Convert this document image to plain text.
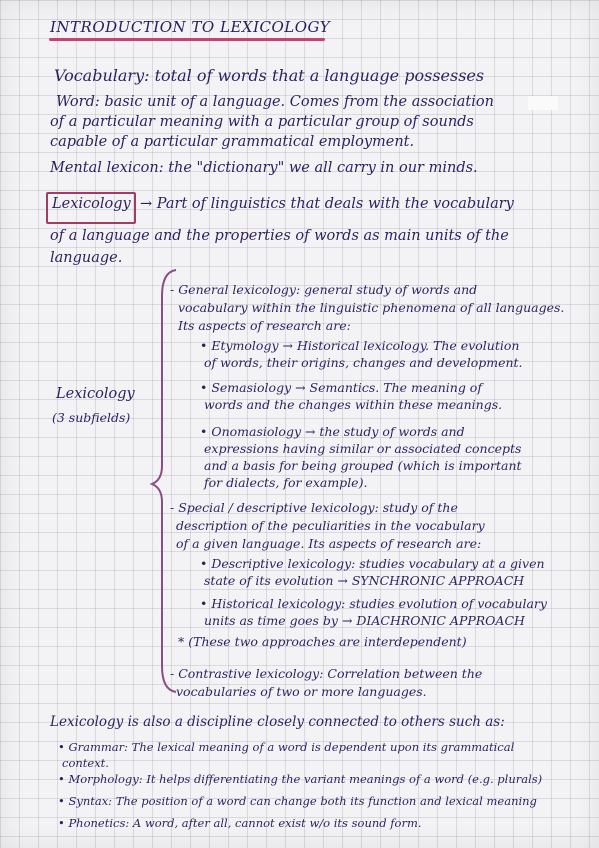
INTRODUCTION TO LEXICOLOGY
Vocabulary: total of words that a language possesses
Word: basic unit of a language. Comes from the association
of a particular meaning with a particular group of sounds
capable of a particular grammatical employment.
Mental lexicon: the "dictionary" we all carry in our minds.
Lexicology → Part of linguistics that deals with the vocabulary
of a language and the properties of words as main units of the
language.
Lexicology
(3 subfields)
- General lexicology: general study of words and
vocabulary within the linguistic phenomena of all languages.
Its aspects of research are:
• Etymology → Historical lexicology. The evolution
of words, their origins, changes and development.
• Semasiology → Semantics. The meaning of
words and the changes within these meanings.
• Onomasiology → the study of words and
expressions having similar or associated concepts
and a basis for being grouped (which is important
for dialects, for example).
- Special / descriptive lexicology: study of the
description of the peculiarities in the vocabulary
of a given language. Its aspects of research are:
• Descriptive lexicology: studies vocabulary at a given
state of its evolution → SYNCHRONIC APPROACH
• Historical lexicology: studies evolution of vocabulary
units as time goes by → DIACHRONIC APPROACH
* (These two approaches are interdependent)
- Contrastive lexicology: Correlation between the
vocabularies of two or more languages.
Lexicology is also a discipline closely connected to others such as:
• Grammar: The lexical meaning of a word is dependent upon its grammatical
context.
• Morphology: It helps differentiating the variant meanings of a word (e.g. plurals)
• Syntax: The position of a word can change both its function and lexical meaning
• Phonetics: A word, after all, cannot exist w/o its sound form.
